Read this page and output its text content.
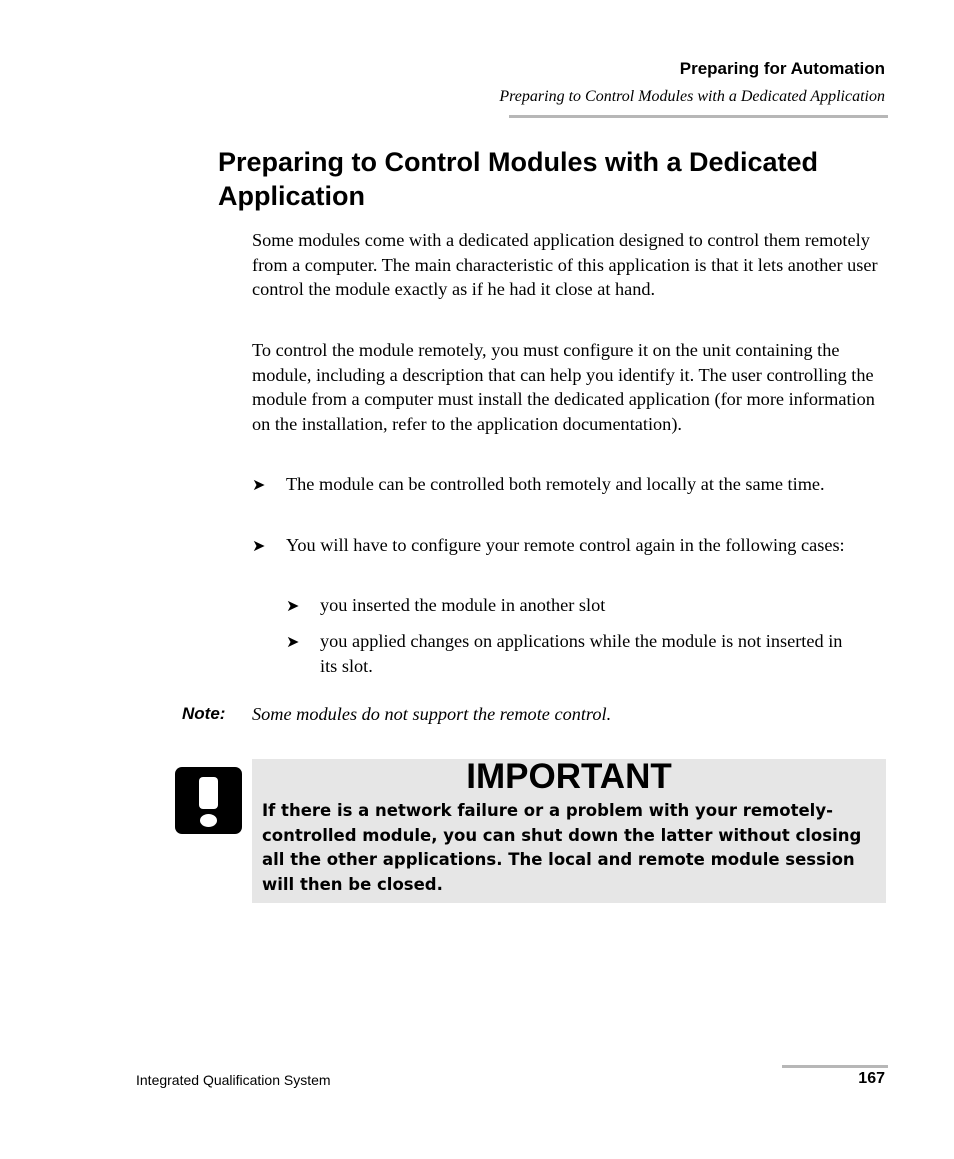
Preparing for Automation
Preparing to Control Modules with a Dedicated Application
Preparing to Control Modules with a Dedicated Application

Some modules come with a dedicated application designed to control them remotely from a computer. The main characteristic of this application is that it lets another user control the module exactly as if he had it close at hand.

To control the module remotely, you must configure it on the unit containing the module, including a description that can help you identify it. The user controlling the module from a computer must install the dedicated application (for more information on the installation, refer to the application documentation).

➤ The module can be controlled both remotely and locally at the same time.

➤ You will have to configure your remote control again in the following cases:

➤ you inserted the module in another slot

➤ you applied changes on applications while the module is not inserted in its slot.

Note: Some modules do not support the remote control.
IMPORTANT

If there is a network failure or a problem with your remotely-controlled module, you can shut down the latter without closing all the other applications. The local and remote module session will then be closed.

Integrated Qualification System	167
